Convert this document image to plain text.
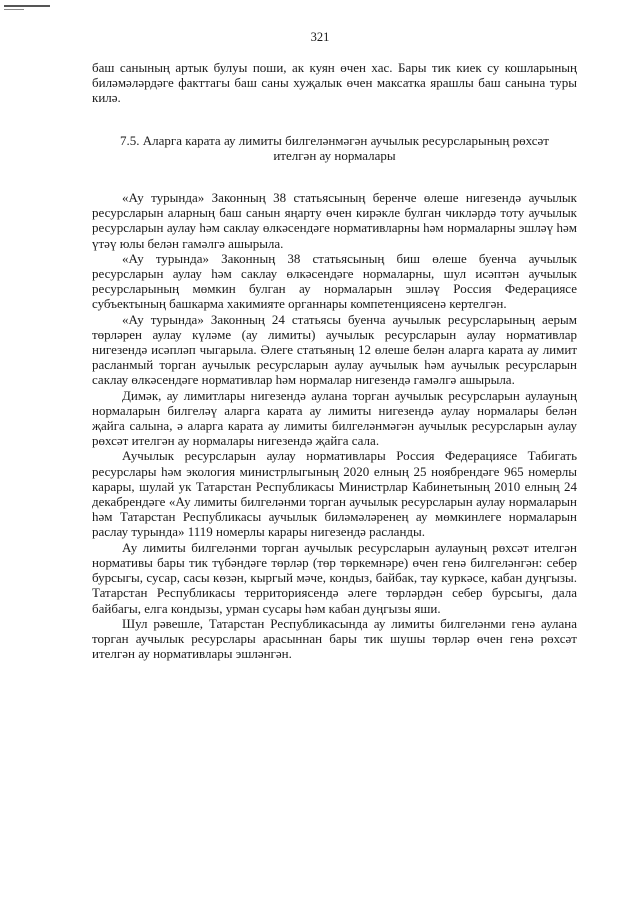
321

баш санының артык булуы поши, ак куян өчен хас. Бары тик киек су кошларының биләмәләрдәге факттагы баш саны хуҗалык өчен максатка ярашлы баш санына туры килә.

7.5. Аларга карата ау лимиты билгеләнмәгән аучылык ресурсларының рөхсәт
ителгән ау нормалары

«Ау турында» Законның 38 статьясының беренче өлеше нигезендә аучылык ресурсларын аларның баш санын яңарту өчен кирәкле булган чикләрдә тоту аучылык ресурсларын аулау һәм саклау өлкәсендәге нормативларны һәм нормаларны эшләү һәм үтәү юлы белән гамәлгә ашырыла.

«Ау турында» Законның 38 статьясының биш өлеше буенча аучылык ресурсларын аулау һәм саклау өлкәсендәге нормаларны, шул исәптән аучылык ресурсларының мөмкин булган ау нормаларын эшләү Россия Федерациясе субъектының башкарма хакимияте органнары компетенциясенә кертелгән.

«Ау турында» Законның 24 статьясы буенча аучылык ресурсларының аерым төрләрен аулау күләме (ау лимиты) аучылык ресурсларын аулау нормативлар нигезендә исәпләп чыгарыла. Әлеге статьяның 12 өлеше белән аларга карата ау лимит расланмый торган аучылык ресурсларын аулау аучылык һәм аучылык ресурсларын саклау өлкәсендәге нормативлар һәм нормалар нигезендә гамәлгә ашырыла.

Димәк, ау лимитлары нигезендә аулана торган аучылык ресурсларын аулауның нормаларын билгеләү аларга карата ау лимиты нигезендә аулау нормалары белән җайга салына, ә аларга карата ау лимиты билгеләнмәгән аучылык ресурсларын аулау рөхсәт ителгән ау нормалары нигезендә җайга сала.

Аучылык ресурсларын аулау нормативлары Россия Федерациясе Табигать ресурслары һәм экология министрлыгының 2020 елның 25 ноябрендәге 965 номерлы карары, шулай ук Татарстан Республикасы Министрлар Кабинетының 2010 елның 24 декабрендәге «Ау лимиты билгеләнми торган аучылык ресурсларын аулау нормаларын һәм Татарстан Республикасы аучылык биләмәләренең ау мөмкинлеге нормаларын раслау турында» 1119 номерлы карары нигезендә расланды.

Ау лимиты билгеләнми торган аучылык ресурсларын аулауның рөхсәт ителгән нормативы бары тик түбәндәге төрләр (төр төркемнәре) өчен генә билгеләнгән: себер бурсыгы, сусар, сасы көзән, кыргый мәче, кондыз, байбак, тау куркәсе, кабан дуңгызы. Татарстан Республикасы территориясендә әлеге төрләрдән себер бурсыгы, дала байбагы, елга кондызы, урман сусары һәм кабан дуңгызы яши.

Шул рәвешле, Татарстан Республикасында ау лимиты билгеләнми генә аулана торган аучылык ресурслары арасыннан бары тик шушы төрләр өчен генә рөхсәт ителгән ау нормативлары эшләнгән.
